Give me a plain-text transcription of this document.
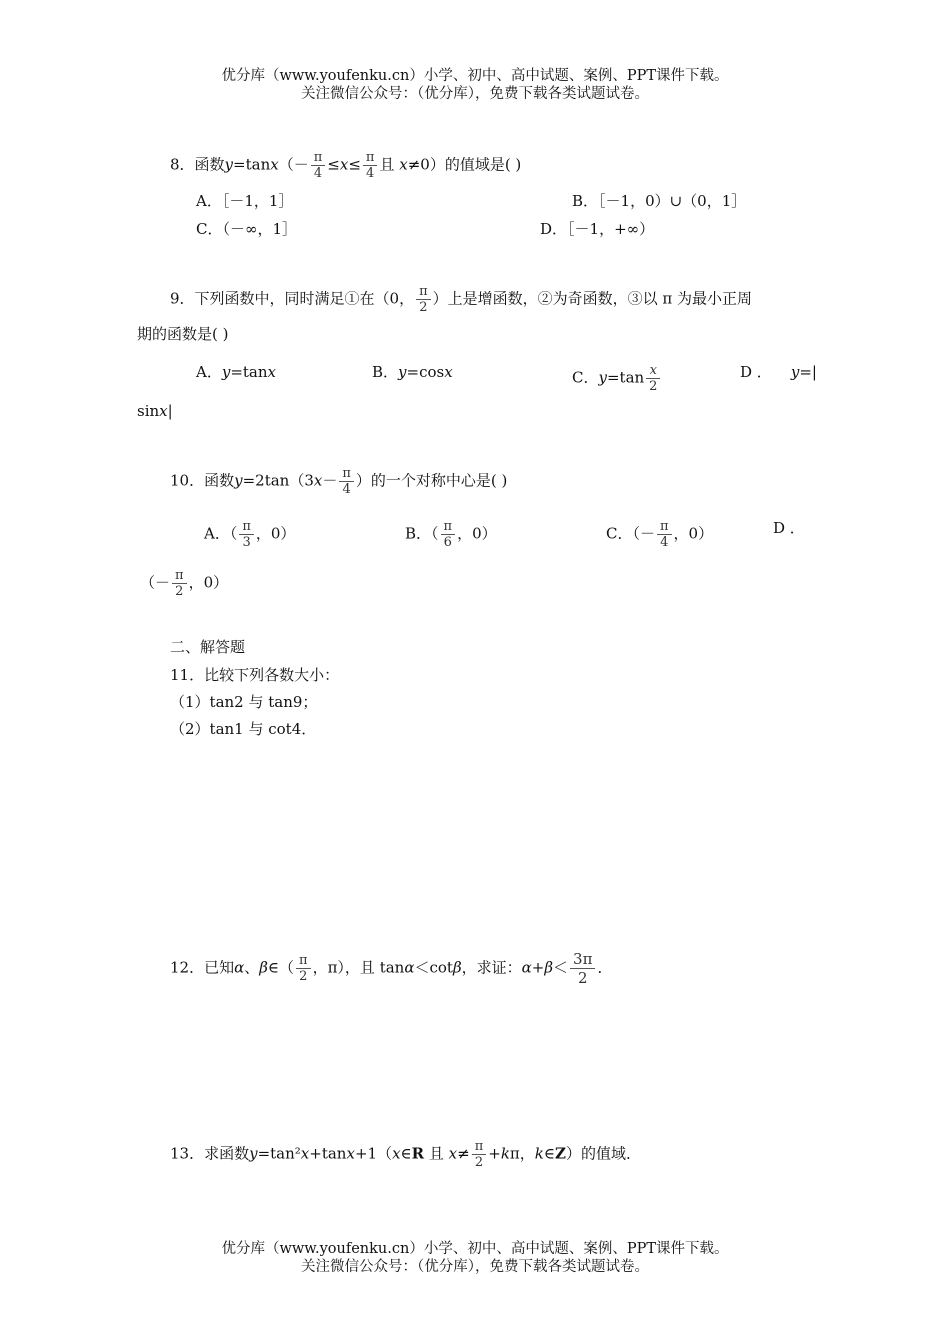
优分库（www.youfenku.cn）小学、初中、高中试题、案例、PPT课件下载。
关注微信公众号：（优分库），免费下载各类试题试卷。
8．函数$y=\tan x(- \frac{\pi}{4} \le x\le \frac{\pi}{4}$ 且 x≠0）的值域是( )
A．［－1，1］	B．［－1，0）∪（0，1］
C．（－∞，1］	D．［－1，+∞）
9．下列函数中，同时满足①在（0， $\frac{\pi}{2}$ ）上是增函数，②为奇函数，③以 π 为最小正周
期的函数是( )
A．y=tanx	B．y=cosx	C．$y=\tan \frac{x}{2}$	D ． y=|
sinx|
10．函数$y=2\tan(3x- \frac{\pi}{4}$ ）的一个对称中心是( )
A．（ $\frac{\pi}{3}$ ，0）	B．（ $\frac{\pi}{6}$ ，0）	C．（－ $\frac{\pi}{4}$ ，0）	D ．
（－ $\frac{\pi}{2}$ ，0）
二、解答题
11．比较下列各数大小：
（1）tan2 与 tan9；
（2）tan1 与 cot4．
12．已知α、β∈（ $\frac{\pi}{2}$ ，π），且 tanα＜cotβ，求证：$\alpha+\beta< \frac{3\pi}{2}$ ．
13．求函数y=tan²x+tanx+1（x∈R 且 $x\ne \frac{\pi}{2} +k\pi$，k∈Z）的值域．
优分库（www.youfenku.cn）小学、初中、高中试题、案例、PPT课件下载。
关注微信公众号：（优分库），免费下载各类试题试卷。
